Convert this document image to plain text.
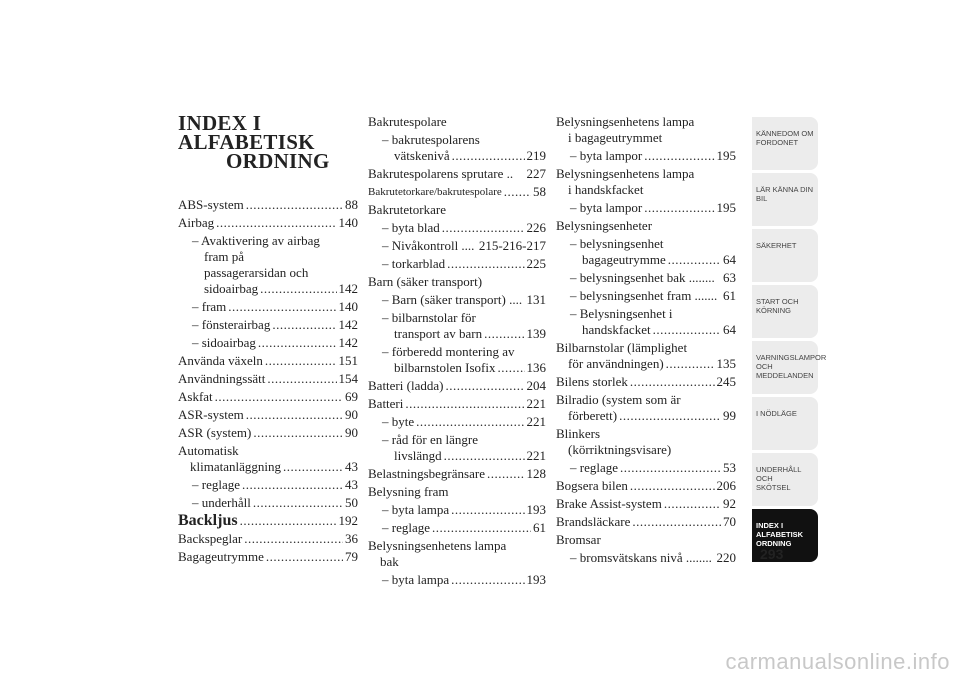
INDEX I
ALFABETISK
ORDNING
ABS-system .....	88
Airbag .....	140
– Avaktivering av airbag
fram på
passagerarsidan och
sidoairbag .....	142
– fram .....	140
– fönsterairbag .....	142
– sidoairbag .....	142
Använda växeln .....	151
Användningssätt .....	154
Askfat .....	69
ASR-system .....	90
ASR (system) .....	90
Automatisk
klimatanläggning .....	43
– reglage .....	43
– underhåll .....	50
Backljus .....	192
Backspeglar .....	36
Bagageutrymme .....	79
Bakrutespolare
– bakrutespolarens
vätskenivå .....	219
Bakrutespolarens sprutare .. 227
Bakrutetorkare/bakrutespolare ..... 58
Bakrutetorkare
– byta blad .....	226
– Nivåkontroll .... 215-216-217
– torkarblad .....	225
Barn (säker transport)
– Barn (säker transport) .... 131
– bilbarnstolar för
transport av barn .....	139
– förberedd montering av
bilbarnstolen Isofix ..... 136
Batteri (ladda) .....	204
Batteri .....	221
– byte .....	221
– råd för en längre
livslängd .....	221
Belastningsbegränsare .....	128
Belysning fram
– byta lampa .....	193
– reglage .....	61
Belysningsenhetens lampa
bak
– byta lampa .....	193
Belysningsenhetens lampa
i bagageutrymmet
– byta lampor .....	195
Belysningsenhetens lampa
i handskfacket
– byta lampor .....	195
Belysningsenheter
– belysningsenhet
bagageutrymme .....	64
– belysningsenhet bak ........ 63
– belysningsenhet fram ....... 61
– Belysningsenhet i
handskfacket .....	64
Bilbarnstolar (lämplighet
för användningen) .....	135
Bilens storlek .....	245
Bilradio (system som är
förberett) .....	99
Blinkers
(körriktningsvisare)
– reglage .....	53
Bogsera bilen .....	206
Brake Assist-system .....	92
Brandsläckare .....	70
Bromsar
– bromsvätskans nivå ........ 220
KÄNNEDOM OM
FORDONET
LÄR KÄNNA DIN
BIL
SÄKERHET
START OCH
KÖRNING
VARNINGSLAMPOR
OCH
MEDDELANDEN
I NÖDLÄGE
UNDERHÅLL OCH
SKÖTSEL
INDEX I
ALFABETISK
ORDNING
293
carmanualsonline.info
